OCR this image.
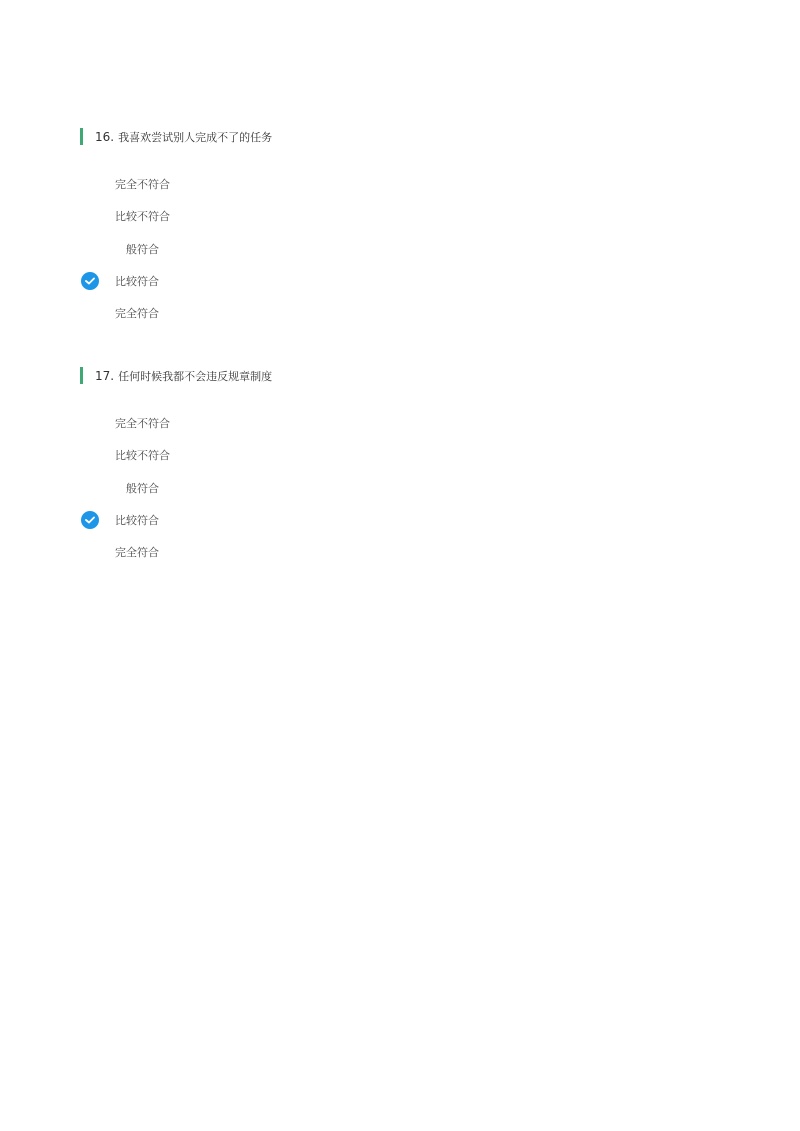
16. 我喜欢尝试别人完成不了的任务
完全不符合
比较不符合
般符合
比较符合
完全符合
17. 任何时候我都不会违反规章制度
完全不符合
比较不符合
般符合
比较符合
完全符合
